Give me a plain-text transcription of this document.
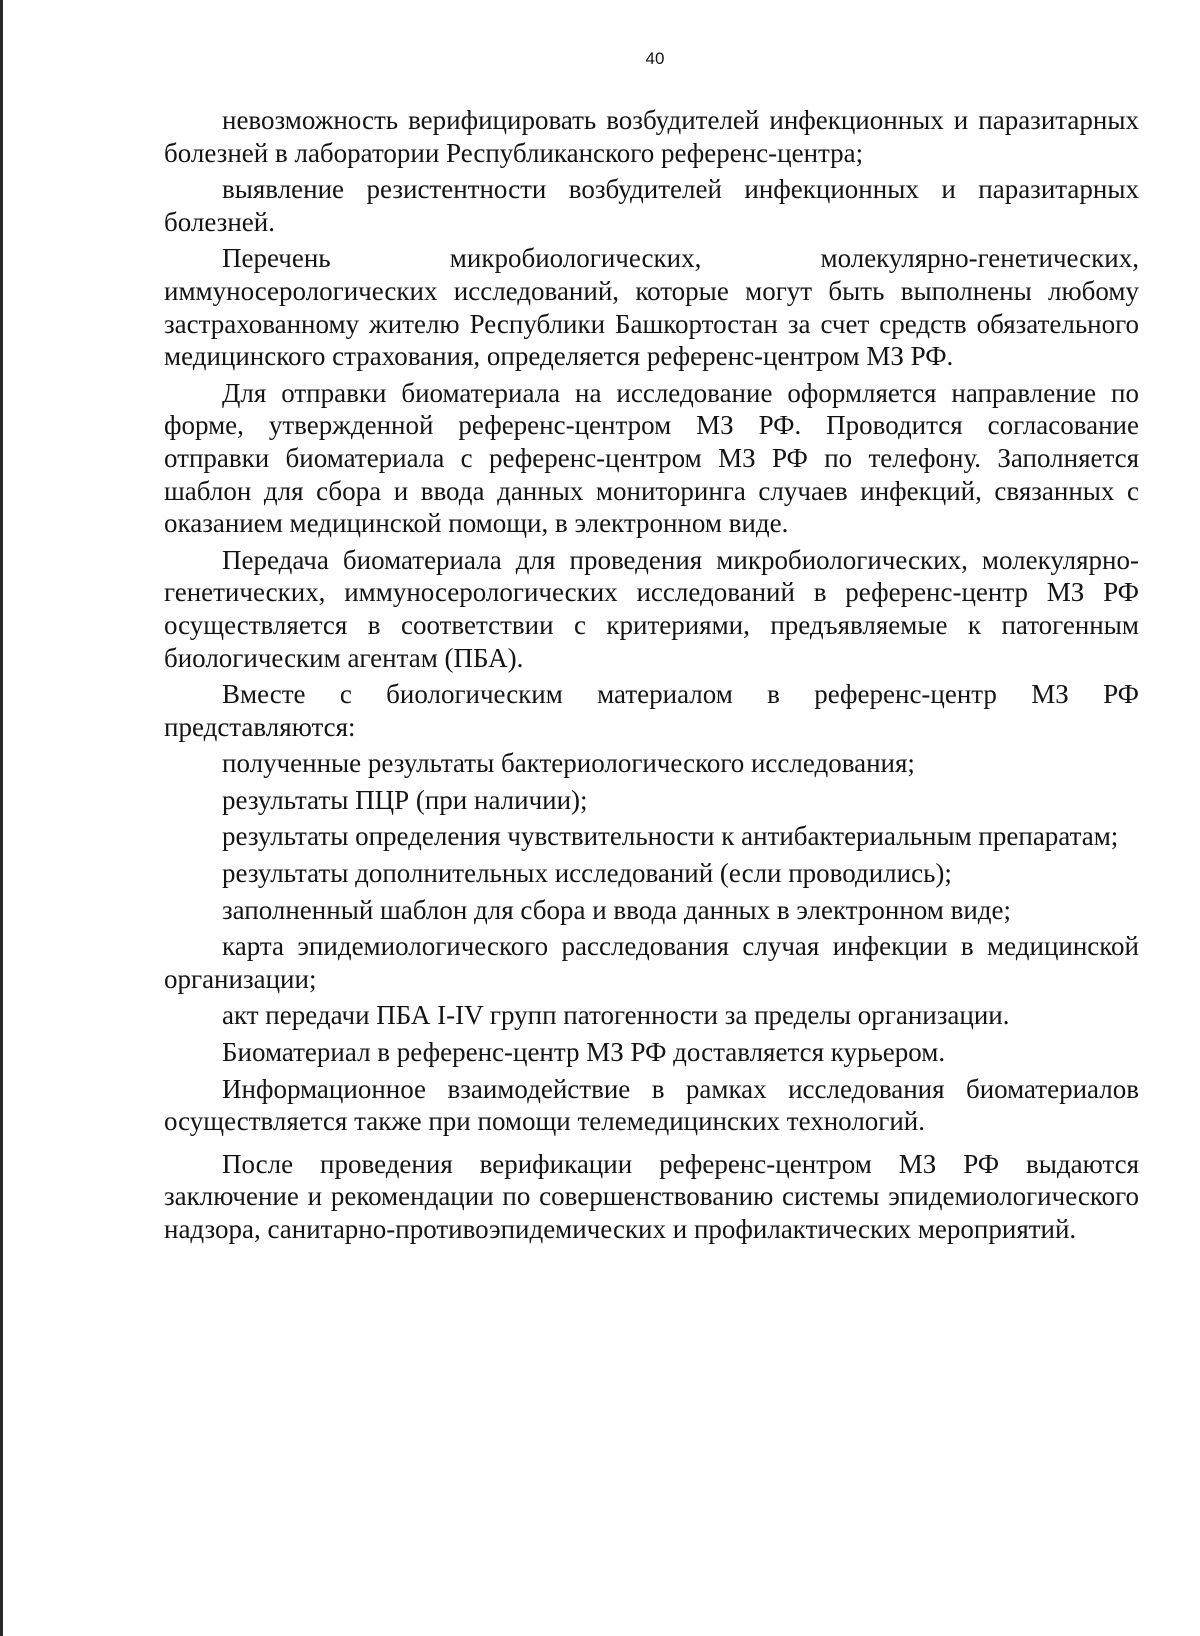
40

невозможность верифицировать возбудителей инфекционных и паразитарных болезней в лаборатории Республиканского референс-центра;

выявление резистентности возбудителей инфекционных и паразитарных болезней.

Перечень микробиологических, молекулярно-генетических, иммуносерологических исследований, которые могут быть выполнены любому застрахованному жителю Республики Башкортостан за счет средств обязательного медицинского страхования, определяется референс-центром МЗ РФ.

Для отправки биоматериала на исследование оформляется направление по форме, утвержденной референс-центром МЗ РФ. Проводится согласование отправки биоматериала с референс-центром МЗ РФ по телефону. Заполняется шаблон для сбора и ввода данных мониторинга случаев инфекций, связанных с оказанием медицинской помощи, в электронном виде.

Передача биоматериала для проведения микробиологических, молекулярно-генетических, иммуносерологических исследований в референс-центр МЗ РФ осуществляется в соответствии с критериями, предъявляемые к патогенным биологическим агентам (ПБА).

Вместе с биологическим материалом в референс-центр МЗ РФ представляются:

полученные результаты бактериологического исследования;

результаты ПЦР (при наличии);

результаты определения чувствительности к антибактериальным препаратам;

результаты дополнительных исследований (если проводились);

заполненный шаблон для сбора и ввода данных в электронном виде;

карта эпидемиологического расследования случая инфекции в медицинской организации;

акт передачи ПБА I-IV групп патогенности за пределы организации.

Биоматериал в референс-центр МЗ РФ доставляется курьером.

Информационное взаимодействие в рамках исследования биоматериалов осуществляется также при помощи телемедицинских технологий.

После проведения верификации референс-центром МЗ РФ выдаются заключение и рекомендации по совершенствованию системы эпидемиологического надзора, санитарно-противоэпидемических и профилактических мероприятий.
